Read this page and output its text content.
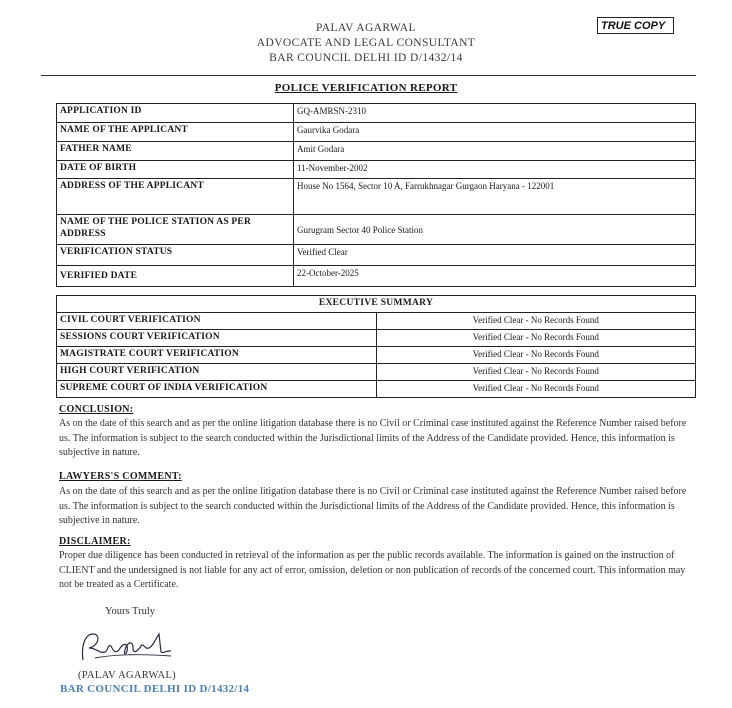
PALAV AGARWAL
ADVOCATE AND LEGAL CONSULTANT
BAR COUNCIL DELHI ID D/1432/14
TRUE COPY
POLICE VERIFICATION REPORT
APPLICATION ID	GQ-AMRSN-2310
NAME OF THE APPLICANT	Gaurvika Godara
FATHER NAME	Amit Godara
DATE OF BIRTH	11-November-2002
ADDRESS OF THE APPLICANT	House No 1564, Sector 10 A, Farrukhnagar Gurgaon Haryana - 122001
NAME OF THE POLICE STATION AS PER ADDRESS	Gurugram Sector 40 Police Station
VERIFICATION STATUS	Verified Clear
VERIFIED DATE	22-October-2025
EXECUTIVE SUMMARY	
CIVIL COURT VERIFICATION	Verified Clear - No Records Found
SESSIONS COURT VERIFICATION	Verified Clear - No Records Found
MAGISTRATE COURT VERIFICATION	Verified Clear - No Records Found
HIGH COURT VERIFICATION	Verified Clear - No Records Found
SUPREME COURT OF INDIA VERIFICATION	Verified Clear - No Records Found
CONCLUSION:
As on the date of this search and as per the online litigation database there is no Civil or Criminal case instituted against the Reference Number raised before us. The information is subject to the search conducted within the Jurisdictional limits of the Address of the Candidate provided. Hence, this information is subjective in nature.
LAWYERS'S COMMENT:
As on the date of this search and as per the online litigation database there is no Civil or Criminal case instituted against the Reference Number raised before us. The information is subject to the search conducted within the Jurisdictional limits of the Address of the Candidate provided. Hence, this information is subjective in nature.
DISCLAIMER:
Proper due diligence has been conducted in retrieval of the information as per the public records available. The information is gained on the instruction of CLIENT and the undersigned is not liable for any act of error, omission, deletion or non publication of records of the concerned court. This information may not be treated as a Certificate.
Yours Truly
(PALAV AGARWAL)
BAR COUNCIL DELHI ID D/1432/14
